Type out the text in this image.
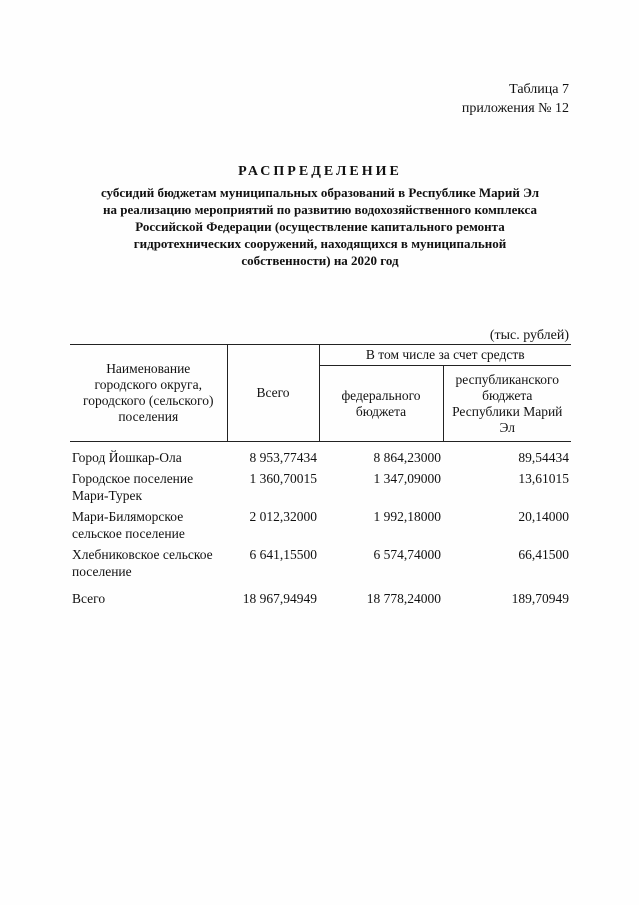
Таблица 7
приложения № 12
РАСПРЕДЕЛЕНИЕ
субсидий бюджетам муниципальных образований в Республике Марий Эл
на реализацию мероприятий по развитию водохозяйственного комплекса
Российской Федерации (осуществление капитального ремонта
гидротехнических сооружений, находящихся в муниципальной
собственности) на 2020 год
(тыс. рублей)
Наименование городского округа, городского (сельского) поселения	Всего	В том числе за счет средств	
		федерального бюджета	республиканского бюджета Республики Марий Эл
Город Йошкар-Ола	8 953,77434	8 864,23000	89,54434
Городское поселение Мари-Турек	1 360,70015	1 347,09000	13,61015
Мари-Биляморское сельское поселение	2 012,32000	1 992,18000	20,14000
Хлебниковское сельское поселение	6 641,15500	6 574,74000	66,41500
Всего	18 967,94949	18 778,24000	189,70949
